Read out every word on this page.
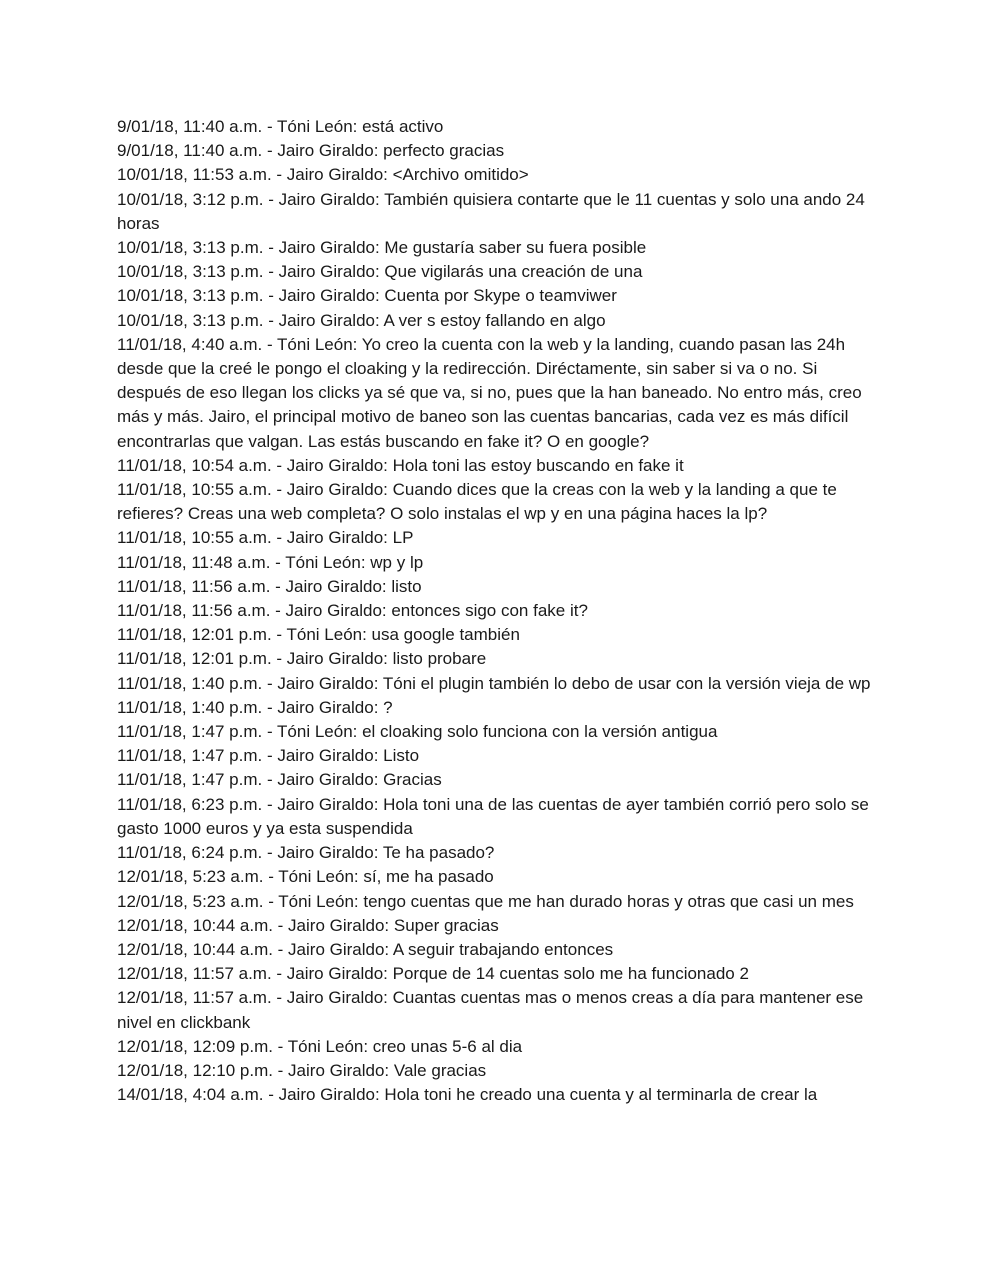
9/01/18, 11:40 a.m. - Tóni León: está activo

9/01/18, 11:40 a.m. - Jairo Giraldo: perfecto gracias

10/01/18, 11:53 a.m. - Jairo Giraldo: <Archivo omitido>

10/01/18, 3:12 p.m. - Jairo Giraldo: También quisiera contarte que le 11 cuentas y solo una ando 24 horas

10/01/18, 3:13 p.m. - Jairo Giraldo: Me gustaría saber su fuera posible

10/01/18, 3:13 p.m. - Jairo Giraldo: Que vigilarás una creación de una

10/01/18, 3:13 p.m. - Jairo Giraldo: Cuenta por Skype o teamviwer

10/01/18, 3:13 p.m. - Jairo Giraldo: A ver s estoy fallando en algo

11/01/18, 4:40 a.m. - Tóni León: Yo creo la cuenta con la web y la landing, cuando pasan las 24h desde que la creé le pongo el cloaking y la redirección. Diréctamente, sin saber si va o no. Si después de eso llegan los clicks ya sé que va, si no, pues que la han baneado. No entro más, creo más y más. Jairo, el principal motivo de baneo son las cuentas bancarias, cada vez es más difícil encontrarlas que valgan. Las estás buscando en fake it? O en google?

11/01/18, 10:54 a.m. - Jairo Giraldo: Hola toni las estoy buscando en fake it

11/01/18, 10:55 a.m. - Jairo Giraldo: Cuando dices que la creas con la web y la landing a que te refieres? Creas una web completa? O solo instalas el wp y en una página haces la lp?

11/01/18, 10:55 a.m. - Jairo Giraldo: LP

11/01/18, 11:48 a.m. - Tóni León: wp y lp

11/01/18, 11:56 a.m. - Jairo Giraldo: listo

11/01/18, 11:56 a.m. - Jairo Giraldo: entonces sigo con fake it?

11/01/18, 12:01 p.m. - Tóni León: usa google también

11/01/18, 12:01 p.m. - Jairo Giraldo: listo probare

11/01/18, 1:40 p.m. - Jairo Giraldo: Tóni el plugin también lo debo de usar con la versión vieja de wp

11/01/18, 1:40 p.m. - Jairo Giraldo: ?

11/01/18, 1:47 p.m. - Tóni León: el cloaking solo funciona con la versión antigua

11/01/18, 1:47 p.m. - Jairo Giraldo: Listo

11/01/18, 1:47 p.m. - Jairo Giraldo: Gracias

11/01/18, 6:23 p.m. - Jairo Giraldo: Hola toni una de las cuentas de ayer también corrió pero solo se gasto 1000 euros y ya esta suspendida

11/01/18, 6:24 p.m. - Jairo Giraldo: Te ha pasado?

12/01/18, 5:23 a.m. - Tóni León: sí, me ha pasado

12/01/18, 5:23 a.m. - Tóni León: tengo cuentas que me han durado horas y otras que casi un mes

12/01/18, 10:44 a.m. - Jairo Giraldo: Super gracias

12/01/18, 10:44 a.m. - Jairo Giraldo: A seguir trabajando entonces

12/01/18, 11:57 a.m. - Jairo Giraldo: Porque de 14 cuentas solo me ha funcionado 2

12/01/18, 11:57 a.m. - Jairo Giraldo: Cuantas cuentas mas o menos creas a día para mantener ese nivel en clickbank

12/01/18, 12:09 p.m. - Tóni León: creo unas 5-6 al dia

12/01/18, 12:10 p.m. - Jairo Giraldo: Vale gracias

14/01/18, 4:04 a.m. - Jairo Giraldo: Hola toni he creado una cuenta y al terminarla de crear la
